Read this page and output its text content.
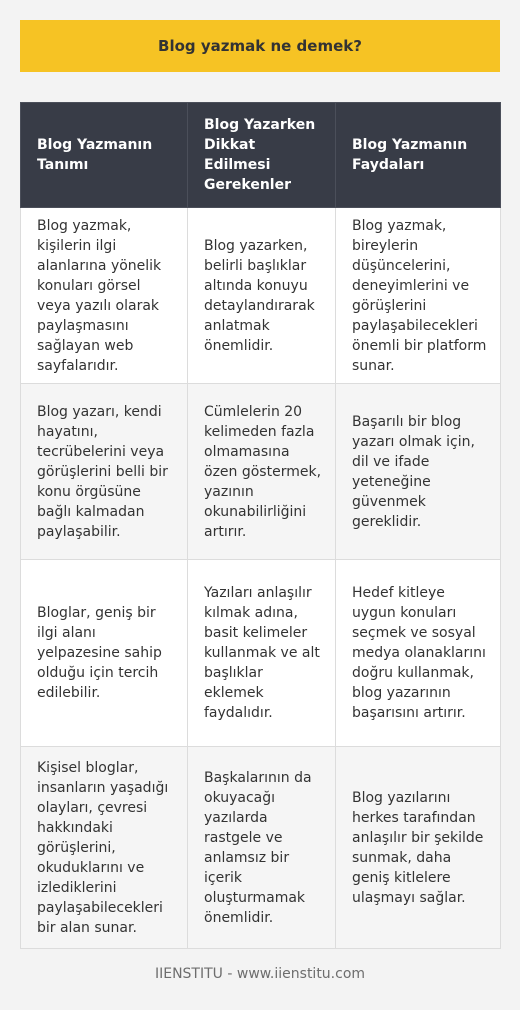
Blog yazmak ne demek?
Blog Yazmanın Tanımı	Blog Yazarken Dikkat Edilmesi Gerekenler	Blog Yazmanın Faydaları
Blog yazmak, kişilerin ilgi alanlarına yönelik konuları görsel veya yazılı olarak paylaşmasını sağlayan web sayfalarıdır.	Blog yazarken, belirli başlıklar altında konuyu detaylandırarak anlatmak önemlidir.	Blog yazmak, bireylerin düşüncelerini, deneyimlerini ve görüşlerini paylaşabilecekleri önemli bir platform sunar.
Blog yazarı, kendi hayatını, tecrübelerini veya görüşlerini belli bir konu örgüsüne bağlı kalmadan paylaşabilir.	Cümlelerin 20 kelimeden fazla olmamasına özen göstermek, yazının okunabilirliğini artırır.	Başarılı bir blog yazarı olmak için, dil ve ifade yeteneğine güvenmek gereklidir.
Bloglar, geniş bir ilgi alanı yelpazesine sahip olduğu için tercih edilebilir.	Yazıları anlaşılır kılmak adına, basit kelimeler kullanmak ve alt başlıklar eklemek faydalıdır.	Hedef kitleye uygun konuları seçmek ve sosyal medya olanaklarını doğru kullanmak, blog yazarının başarısını artırır.
Kişisel bloglar, insanların yaşadığı olayları, çevresi hakkındaki görüşlerini, okuduklarını ve izlediklerini paylaşabilecekleri bir alan sunar.	Başkalarının da okuyacağı yazılarda rastgele ve anlamsız bir içerik oluşturmamak önemlidir.	Blog yazılarını herkes tarafından anlaşılır bir şekilde sunmak, daha geniş kitlelere ulaşmayı sağlar.
IIENSTITU - www.iienstitu.com
